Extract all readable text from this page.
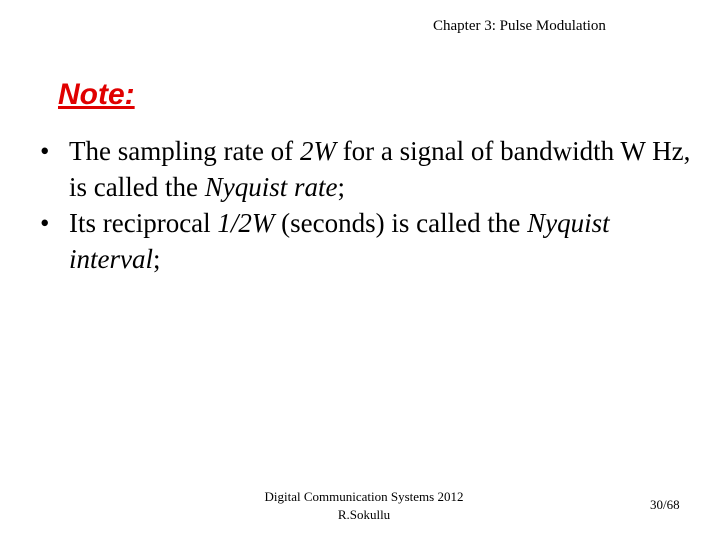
Chapter 3: Pulse Modulation
Note:
• The sampling rate of 2W for a signal of bandwidth W Hz, is called the Nyquist rate;
• Its reciprocal 1/2W (seconds) is called the Nyquist interval;
Digital Communication Systems 2012
R.Sokullu
30/68
